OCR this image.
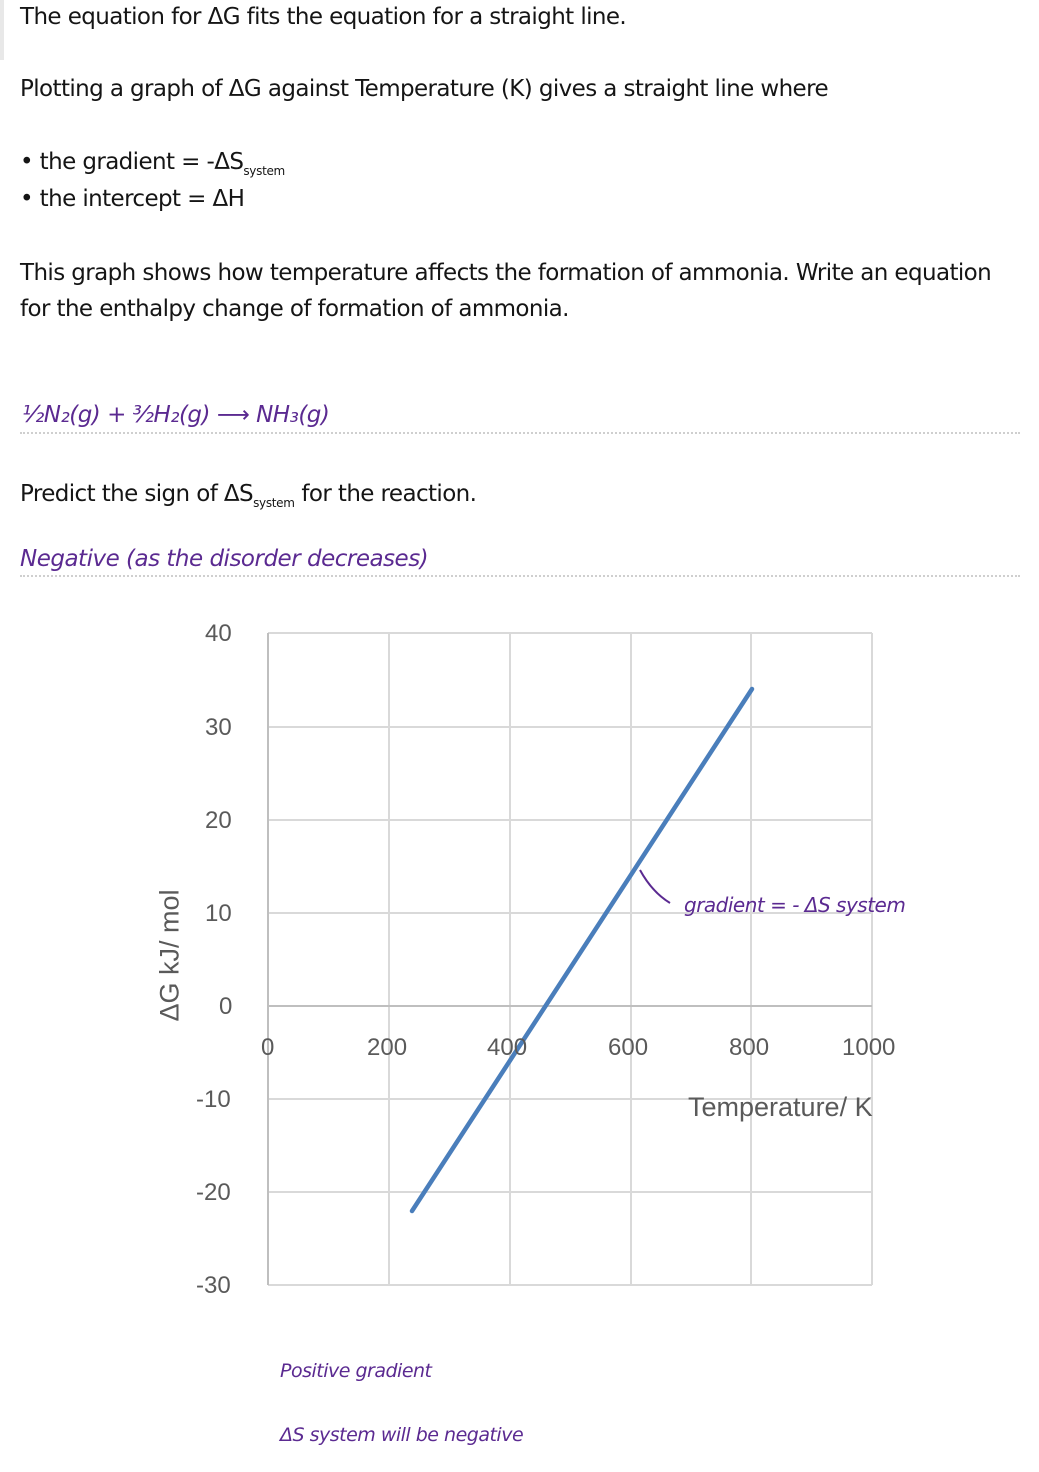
The equation for ΔG fits the equation for a straight line.
Plotting a graph of ΔG against Temperature (K) gives a straight line where
• the gradient = $-\Delta S_{system}$
• the intercept = ΔH
This graph shows how temperature affects the formation of ammonia. Write an equation
for the enthalpy change of formation of ammonia.
½N₂(g) + ³⁄₂H₂(g) ⟶ NH₃(g)
Predict the sign of $\Delta S_{system}$ for the reaction.
Negative (as the disorder decreases)
40
30
20
10
0
-10
-20
-30
0	200	400	600	800	1000
Temperature/ K
ΔG kJ/ mol	gradient = - ΔS system
Positive gradient
ΔS system will be negative
